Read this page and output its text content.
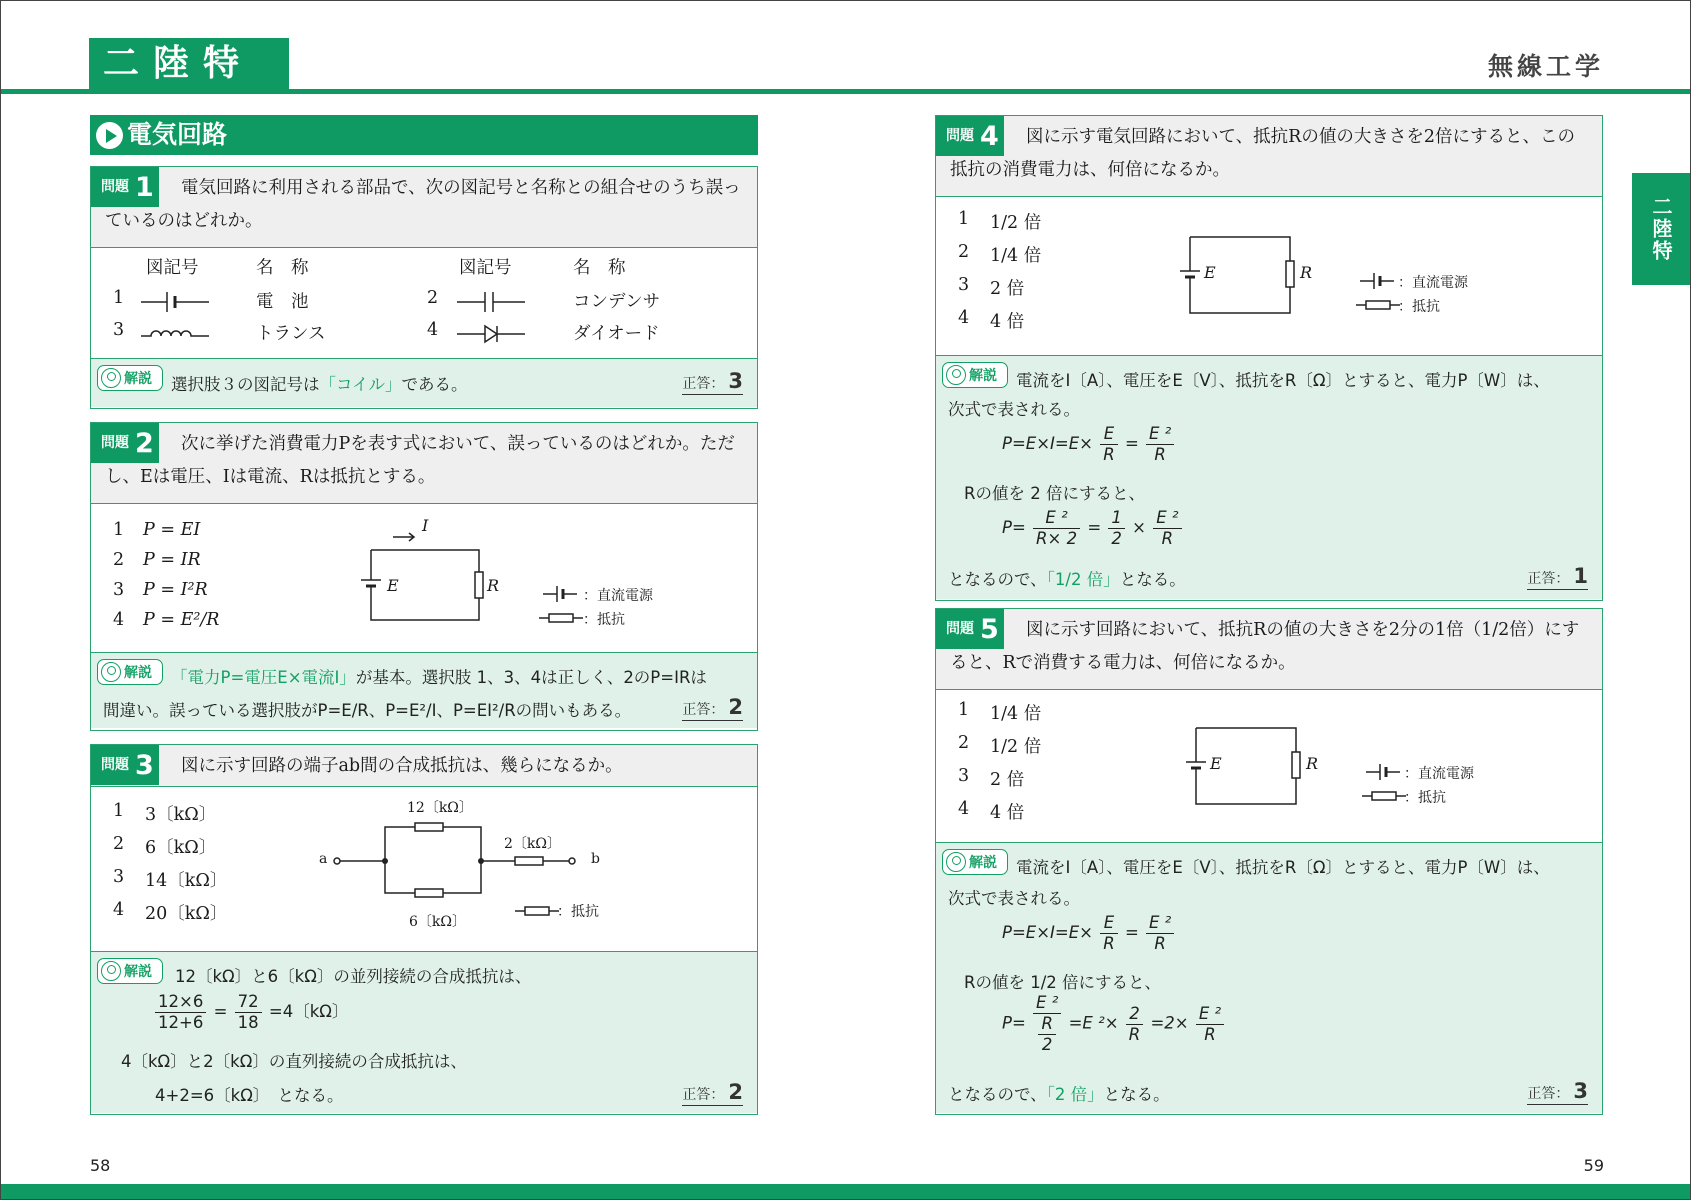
二陸特	無線工学
二陸特
電気回路
問題 1	電気回路に利用される部品で、次の図記号と名称との組合せのうち誤っているのはどれか。
図記号	名　称	図記号	名　称
1	電　池	2	コンデンサ
3	トランス	4	ダイオード
解説 選択肢３の図記号は「コイル」である。	正答： 3
問題 2	次に挙げた消費電力Pを表す式において、誤っているのはどれか。ただし、Eは電圧、Iは電流、Rは抵抗とする。
1 P = EI
2 P = IR
3 P = I²R
4 P = E²/R
I
E	R
：直流電源
：抵抗
解説 「電力P=電圧E×電流I」が基本。選択肢 1、3、4は正しく、2のP=IRは
間違い。誤っている選択肢がP=E/R、P=E²/I、P=EI²/Rの問いもある。	正答： 2
問題 3	図に示す回路の端子ab間の合成抵抗は、幾らになるか。
1 3〔kΩ〕
2 6〔kΩ〕
3 14〔kΩ〕
4 20〔kΩ〕
12〔kΩ〕
2〔kΩ〕
6〔kΩ〕
a	b
：抵抗
解説 12〔kΩ〕と6〔kΩ〕の並列接続の合成抵抗は、
$\frac{12\times 6}{12+6} = \frac{72}{18} =4$〔kΩ〕
4〔kΩ〕と2〔kΩ〕の直列接続の合成抵抗は、
4+2=6〔kΩ〕　となる。	正答： 2
問題 4	図に示す電気回路において、抵抗Rの値の大きさを2倍にすると、この抵抗の消費電力は、何倍になるか。
1 1/2 倍
2 1/4 倍
3 2 倍
4 4 倍
E	R
：直流電源
：抵抗
解説 電流をI〔A〕、電圧をE〔V〕、抵抗をR〔Ω〕とすると、電力P〔W〕は、
次式で表される。
$P=E\times I=E\times \frac{E}{R} = \frac{\text{E ²}}{R}$
Rの値を 2 倍にすると、
$P= \frac{\text{E ²}}{R\times 2} = \frac{1}{2} \times \frac{\text{E ²}}{R}$
となるので、「1/2 倍」となる。	正答： 1
問題 5	図に示す回路において、抵抗Rの値の大きさを2分の1倍（1/2倍）にすると、Rで消費する電力は、何倍になるか。
1 1/4 倍
2 1/2 倍
3 2 倍
4 4 倍
E	R
：直流電源
：抵抗
解説 電流をI〔A〕、電圧をE〔V〕、抵抗をR〔Ω〕とすると、電力P〔W〕は、
次式で表される。
$P=E\times I=E\times \frac{E}{R} = \frac{\text{E ²}}{R}$
Rの値を 1/2 倍にすると、
$P= \frac{\text{E ²}}{\frac{R}{2}} =E$ $^2\times \frac{2}{R} =2\times \frac{\text{E ²}}{R}$
となるので、「2 倍」となる。	正答： 3
58	59
